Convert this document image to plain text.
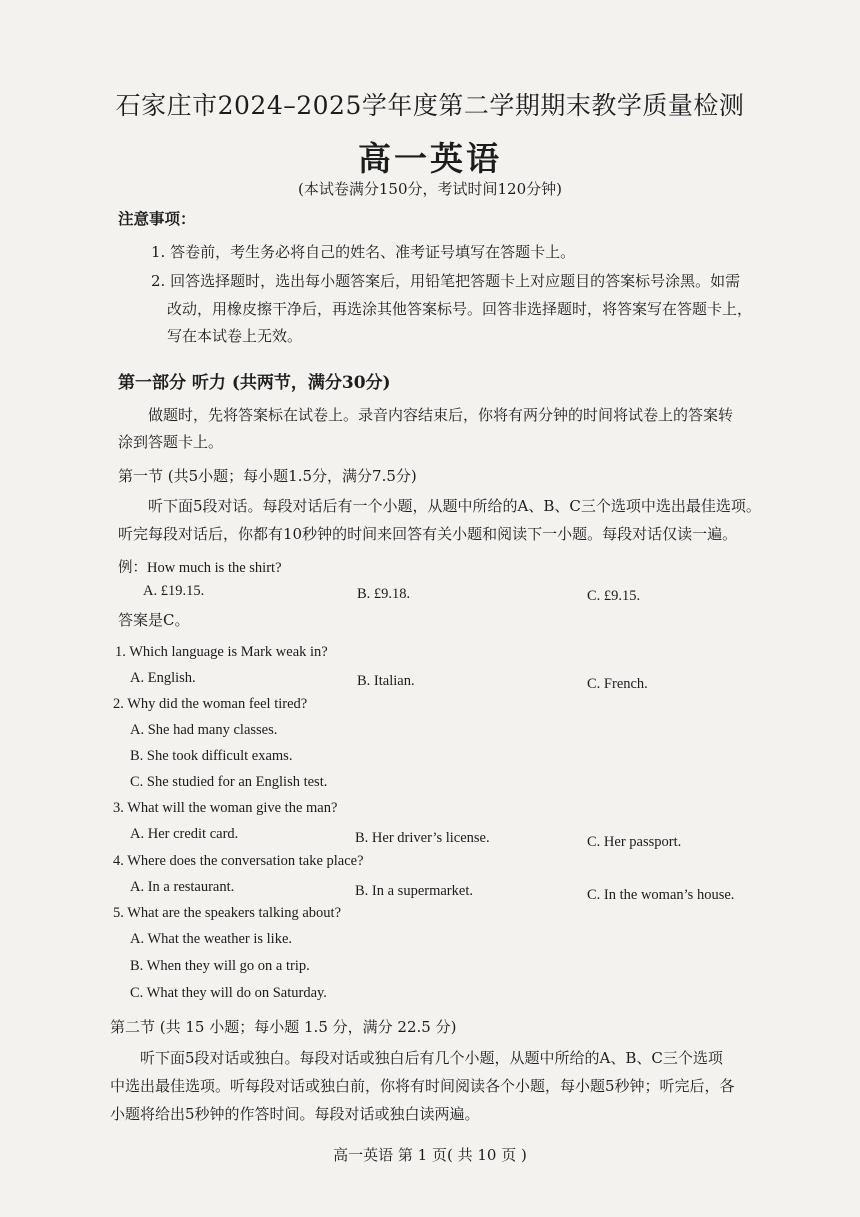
石家庄市2024–2025学年度第二学期期末教学质量检测
高一英语
(本试卷满分150分，考试时间120分钟)
注意事项：
1. 答卷前，考生务必将自己的姓名、准考证号填写在答题卡上。
2. 回答选择题时，选出每小题答案后，用铅笔把答题卡上对应题目的答案标号涂黑。如需
改动，用橡皮擦干净后，再选涂其他答案标号。回答非选择题时，将答案写在答题卡上，
写在本试卷上无效。
第一部分 听力 (共两节，满分30分)
做题时，先将答案标在试卷上。录音内容结束后，你将有两分钟的时间将试卷上的答案转
涂到答题卡上。
第一节 (共5小题；每小题1.5分，满分7.5分)
听下面5段对话。每段对话后有一个小题，从题中所给的A、B、C三个选项中选出最佳选项。
听完每段对话后，你都有10秒钟的时间来回答有关小题和阅读下一小题。每段对话仅读一遍。
例：How much is the shirt?
A. £19.15.	B. £9.18.	C. £9.15.
答案是C。
1. Which language is Mark weak in?
A. English.	B. Italian.	C. French.
2. Why did the woman feel tired?
A. She had many classes.
B. She took difficult exams.
C. She studied for an English test.
3. What will the woman give the man?
A. Her credit card.	B. Her driver’s license.	C. Her passport.
4. Where does the conversation take place?
A. In a restaurant.	B. In a supermarket.	C. In the woman’s house.
5. What are the speakers talking about?
A. What the weather is like.
B. When they will go on a trip.
C. What they will do on Saturday.
第二节 (共 15 小题；每小题 1.5 分，满分 22.5 分)
听下面5段对话或独白。每段对话或独白后有几个小题，从题中所给的A、B、C三个选项
中选出最佳选项。听每段对话或独白前，你将有时间阅读各个小题，每小题5秒钟；听完后，各
小题将给出5秒钟的作答时间。每段对话或独白读两遍。
高一英语 第 1 页( 共 10 页 )
